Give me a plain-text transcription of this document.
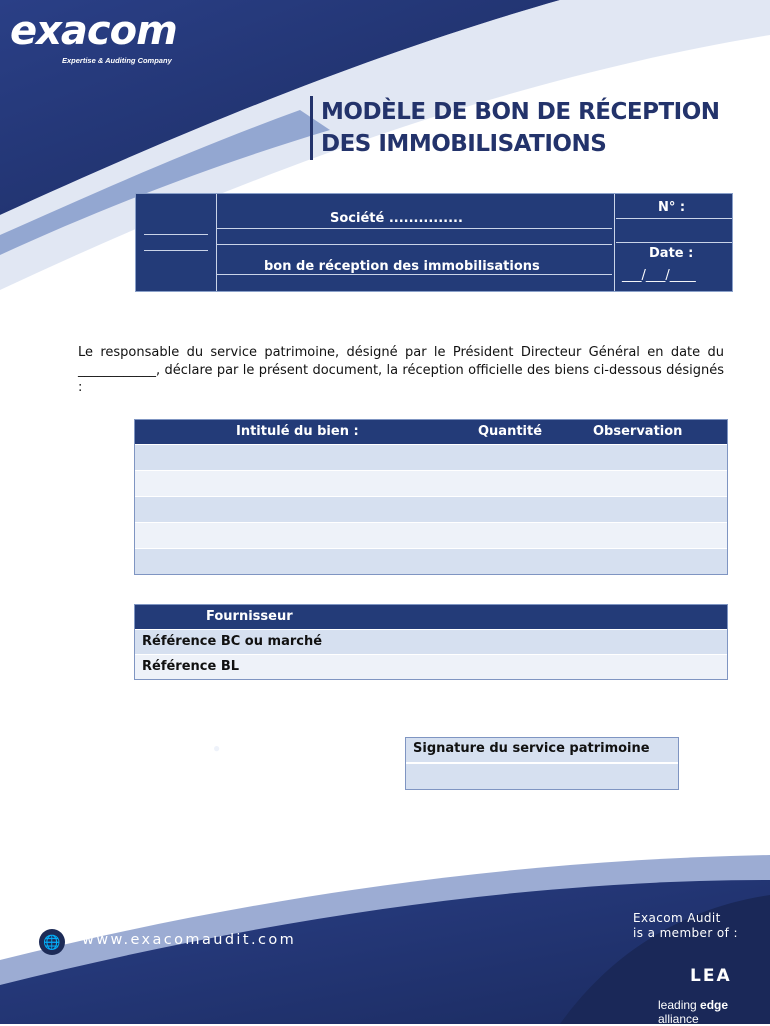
exacom
Expertise & Auditing Company
MODÈLE DE BON DE RÉCEPTION
DES IMMOBILISATIONS
Société ...............
bon de réception des immobilisations
N° :
Date :
___/___/____
Le responsable du service patrimoine, désigné par le Président Directeur Général en date du ____________, déclare par le présent document, la réception officielle des biens ci-dessous désignés :
Intitulé du bien :	Quantité	Observation
Fournisseur
Référence BC ou marché
Référence BL
●	Signature du service patrimoine
🌐 www.exacomaudit.com
Exacom Audit
is a member of :
LEA
leading edge alliance
